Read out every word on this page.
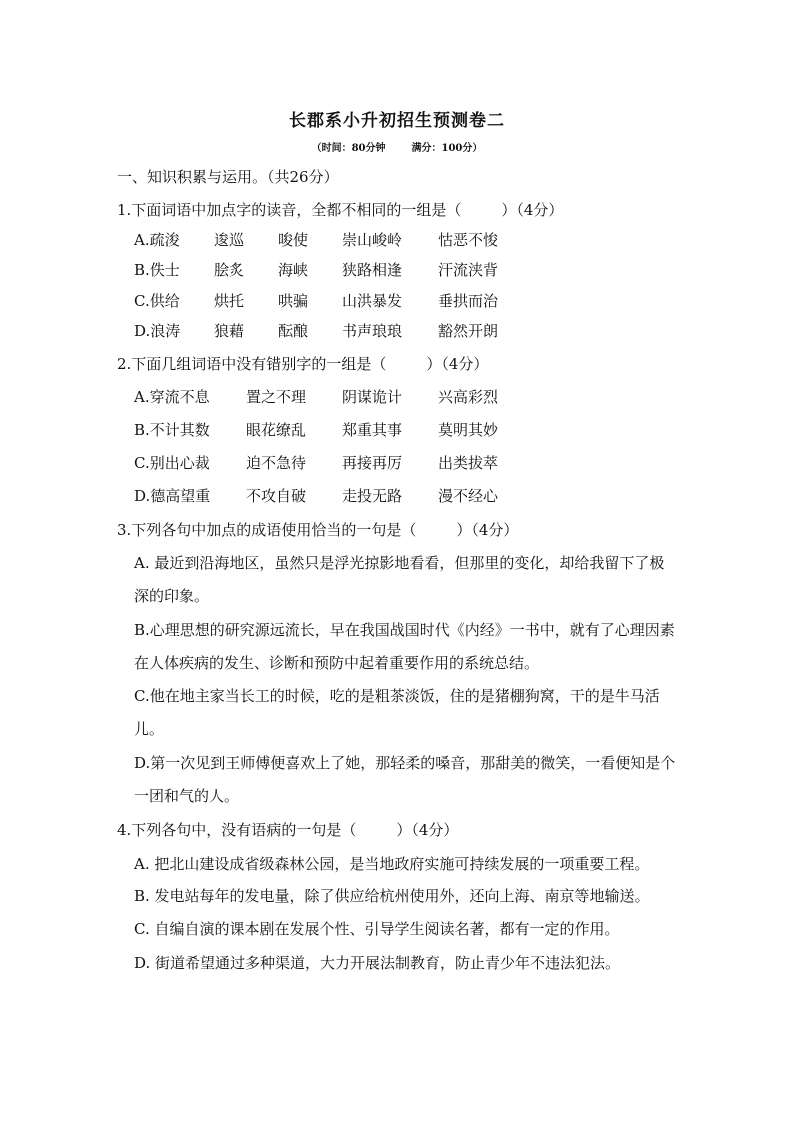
长郡系小升初招生预测卷二
（时间：80分钟	满分：100分）
一、知识积累与运用。（共26分）
1.下面词语中加点字的读音，全都不相同的一组是（	）（4分）
A.疏浚 逡巡 唆使 崇山峻岭 怙恶不悛
B.佚士 脍炙 海峡 狭路相逢 汗流浃背
C.供给 烘托 哄骗 山洪暴发 垂拱而治
D.浪涛 狼藉 酝酿 书声琅琅 豁然开朗
2.下面几组词语中没有错别字的一组是（	）（4分）
A.穿流不息 置之不理 阴谋诡计 兴高彩烈
B.不计其数 眼花缭乱 郑重其事 莫明其妙
C.别出心裁 迫不急待 再接再厉 出类拔萃
D.德高望重 不攻自破 走投无路 漫不经心
3.下列各句中加点的成语使用恰当的一句是（	）（4分）
A. 最近到沿海地区，虽然只是浮光掠影地看看，但那里的变化，却给我留下了极深的印象。
B.心理思想的研究源远流长，早在我国战国时代《内经》一书中，就有了心理因素在人体疾病的发生、诊断和预防中起着重要作用的系统总结。
C.他在地主家当长工的时候，吃的是粗茶淡饭，住的是猪棚狗窝，干的是牛马活儿。
D.第一次见到王师傅便喜欢上了她，那轻柔的嗓音，那甜美的微笑，一看便知是个一团和气的人。
4.下列各句中，没有语病的一句是（	）（4分）
A. 把北山建设成省级森林公园，是当地政府实施可持续发展的一项重要工程。
B. 发电站每年的发电量，除了供应给杭州使用外，还向上海、南京等地输送。
C. 自编自演的课本剧在发展个性、引导学生阅读名著，都有一定的作用。
D. 街道希望通过多种渠道，大力开展法制教育，防止青少年不违法犯法。
